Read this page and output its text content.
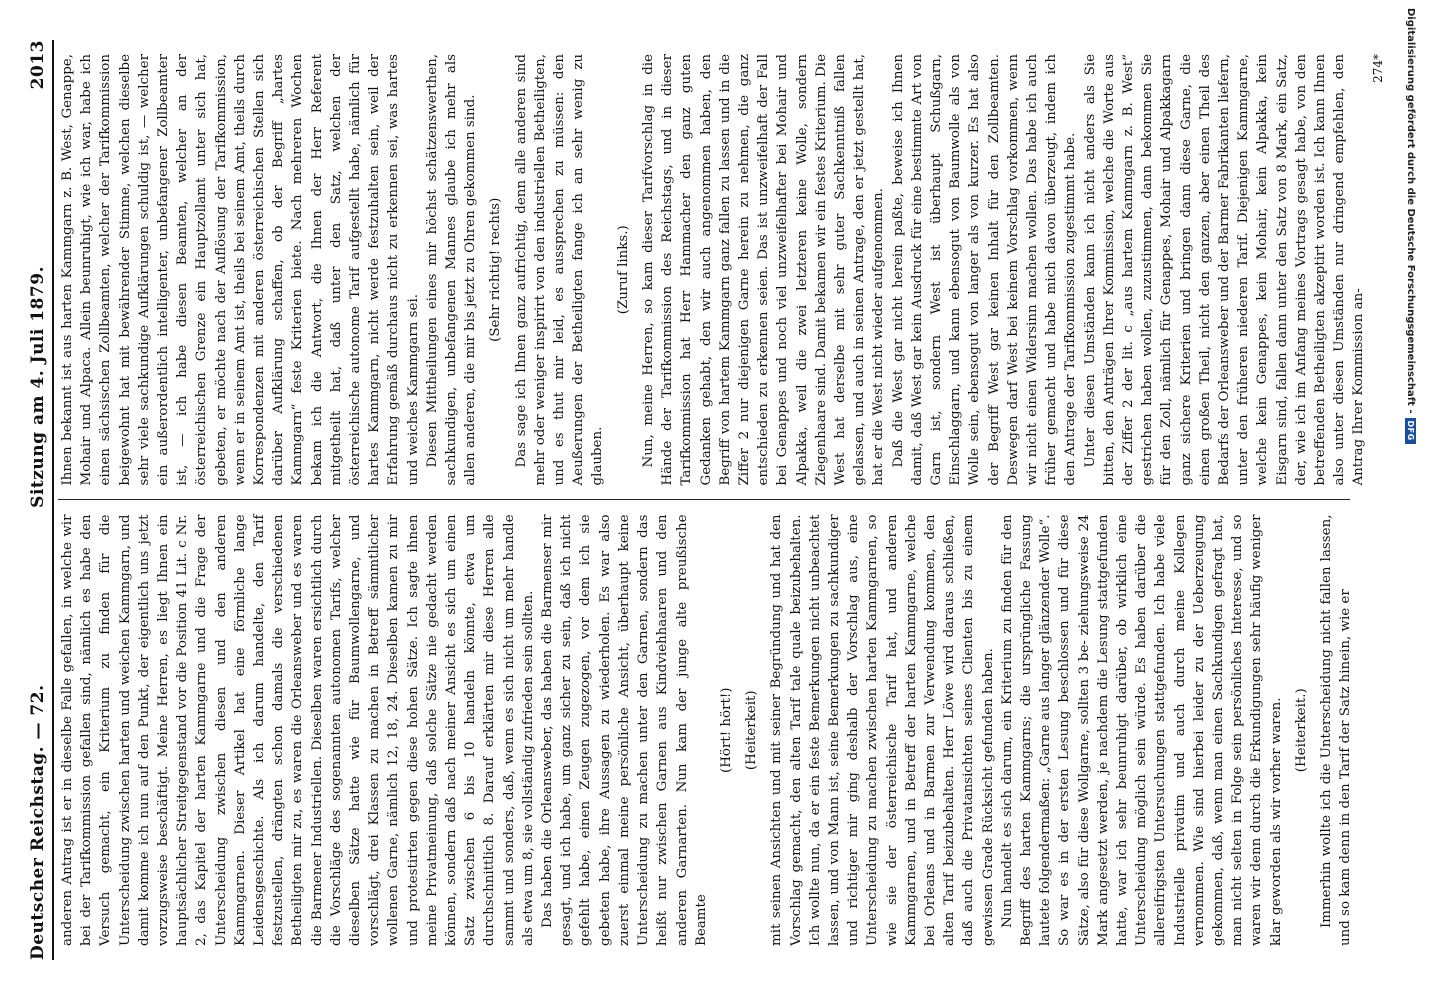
Deutscher Reichstag. — 72.
Sitzung am 4. Juli 1879.
2013

anderen Antrag ist er in dieselbe Falle gefallen, in welche wir bei der Tarifkommission gefallen sind, nämlich es habe den Versuch gemacht, ein Kriterium zu finden für die Unterscheidung zwischen harten und weichen Kammgarn, und damit komme ich nun auf den Punkt, der eigentlich uns jetzt vorzugsweise beschäftigt. Meine Herren, es liegt Ihnen ein hauptsächlicher Streitgegenstand vor die Position 41 Lit. c Nr. 2, das Kapitel der harten Kammgarne und die Frage der Unterscheidung zwischen diesen und den anderen Kammgarnen. Dieser Artikel hat eine förmliche lange Leidensgeschichte. Als ich darum handelte, den Tarif festzustellen, drängten schon damals die verschiedenen Betheiligten mir zu, es waren die Orleansweber und es waren die Barmener Industriellen. Dieselben waren ersichtlich durch die Vorschläge des sogenannten autonomen Tarifs, welcher dieselben Sätze hatte wie für Baumwollengarne, und vorschlägt, drei Klassen zu machen in Betreff sämmtlicher wollenen Garne, nämlich 12, 18, 24. Dieselben kamen zu mir und protestirten gegen diese hohen Sätze. Ich sagte ihnen meine Privatmeinung, daß solche Sätze nie gedacht werden können, sondern daß nach meiner Ansicht es sich um einen Satz zwischen 6 bis 10 handeln könnte, etwa um durchschnittlich 8. Darauf erklärten mir diese Herren alle sammt und sonders, daß, wenn es sich nicht um mehr handle als etwa um 8, sie vollständig zufrieden sein sollten. Das haben die Orleansweber, das haben die Barmenser mir gesagt, und ich habe, um ganz sicher zu sein, daß ich nicht gefehlt habe, einen Zeugen zugezogen, vor dem ich sie gebeten habe, ihre Aussagen zu wiederholen. Es war also zuerst einmal meine persönliche Ansicht, überhaupt keine Unterscheidung zu machen unter den Garnen, sondern das heißt nur zwischen Garnen aus Kindviehhaaren und den anderen Garnarten. Nun kam der junge alte preußische Beamte

(Hört! hört!) (Heiterkeit) mit seinen Ansichten und mit seiner Begründung und hat den Vorschlag gemacht, den alten Tarif tale quale beizubehalten. Ich wollte nun, da er ein feste Bemerkungen nicht unbeachtet lassen, und von Mann ist, seine Bemerkungen zu sachkundiger und richtiger mir ging deshalb der Vorschlag aus, eine Unterscheidung zu machen zwischen harten Kammgarnen, so wie sie der österreichische Tarif hat, und anderen Kammgarnen, und in Betreff der harten Kammgarne, welche bei Orleans und in Barmen zur Verwendung kommen, den alten Tarif beizubehalten. Herr Löwe wird daraus schließen, daß auch die Privatansichten seines Clienten bis zu einem gewissen Grade Rücksicht gefunden haben. Nun handelt es sich darum, ein Kriterium zu finden für den Begriff des harten Kammgarns; die ursprüngliche Fassung lautete folgendermaßen: „Garne aus langer glänzender Wolle“. So war es in der ersten Lesung beschlossen und für diese Sätze, also für diese Wollgarne, sollten 3 be- ziehungsweise 24 Mark angesetzt werden, je nachdem die Lesung stattgefunden hatte, war ich sehr beunruhigt darüber, ob wirklich eine Unterscheidung möglich sein würde. Es haben darüber die allereifrigsten Untersuchungen stattgefunden. Ich habe viele Industrielle privatim und auch durch meine Kollegen vernommen. Wie sind hierbei leider zu der Ueberzeugung gekommen, daß, wenn man einen Sachkundigen gefragt hat, man nicht selten in Folge sein persönliches Interesse, und so waren wir denn durch die Erkundigungen sehr häufig weniger klar geworden als wir vorher waren. (Heiterkeit.) Immerhin wollte ich die Unterscheidung nicht fallen lassen, und so kam denn in den Tarif der Satz hinein, wie er

Ihnen bekannt ist aus harten Kammgarn z. B. West, Genappe, Mohair und Alpaca. Allein beunruhigt, wie ich war, habe ich einen sächsischen Zollbeamten, welcher der Tarifkommission beigewohnt hat mit bewährender Stimme, welchen dieselbe sehr viele sachkundige Aufklärungen schuldig ist, — welcher ein außerordentlich intelligenter, unbefangener Zollbeamter ist, — ich habe diesen Beamten, welcher an der österreichischen Grenze ein Hauptzollamt unter sich hat, gebeten, er möchte nach der Auflösung der Tarifkommission, wenn er in seinem Amt ist, theils bei seinem Amt, theils durch Korrespondenzen mit anderen österreichischen Stellen sich darüber Aufklärung schaffen, ob der Begriff „hartes Kammgarn“ feste Kriterien biete. Nach mehreren Wochen bekam ich die Antwort, die Ihnen der Herr Referent mitgetheilt hat, daß unter den Satz, welchen der österreichische autonome Tarif aufgestellt habe, nämlich für hartes Kammgarn, nicht werde festzuhalten sein, weil der Erfahrung gemäß durchaus nicht zu erkennen sei, was hartes und weiches Kammgarn sei. Diesen Mittheilungen eines mir höchst schätzenswerthen, sachkundigen, unbefangenen Mannes glaube ich mehr als allen anderen, die mir bis jetzt zu Ohren gekommen sind. (Sehr richtig! rechts) Das sage ich Ihnen ganz aufrichtig, denn alle anderen sind mehr oder weniger inspirirt von den industriellen Betheiligten, und es thut mir leid, es aussprechen zu müssen: den Aeußerungen der Betheiligten fange ich an sehr wenig zu glauben.

(Zuruf links.) Nun, meine Herren, so kam dieser Tarifvorschlag in die Hände der Tarifkommission des Reichstags, und in dieser Tarifkommission hat Herr Hammacher den ganz guten Gedanken gehabt, den wir auch angenommen haben, den Begriff von hartem Kammgarn ganz fallen zu lassen und in die Ziffer 2 nur diejenigen Garne herein zu nehmen, die ganz entschieden zu erkennen seien. Das ist unzweifelhaft der Fall bei Genappes und noch viel unzweifelhafter bei Mohair und Alpakka, weil die zwei letzteren keine Wolle, sondern Ziegenhaare sind. Damit bekamen wir ein festes Kriterium. Die West hat derselbe mit sehr guter Sachkenntniß fallen gelassen, und auch in seinen Antrage, den er jetzt gestellt hat, hat er die West nicht wieder aufgenommen. Daß die West gar nicht herein paßte, beweise ich Ihnen damit, daß West gar kein Ausdruck für eine bestimmte Art von Garn ist, sondern West ist überhaupt Schußgarn, Einschlaggarn, und kann ebensogut von Baumwolle als von Wolle sein, ebensogut von langer als von kurzer. Es hat also der Begriff West gar keinen Inhalt für den Zollbeamten. Deswegen darf West bei keinem Vorschlag vorkommen, wenn wir nicht einen Widersinn machen wollen. Das habe ich auch früher gemacht und habe mich davon überzeugt, indem ich den Antrage der Tarifkommission zugestimmt habe. Unter diesen Umständen kann ich nicht anders als Sie bitten, den Anträgen Ihrer Kommission, welche die Worte aus der Ziffer 2 der lit. c „aus hartem Kammgarn z. B. West“ gestrichen haben wollen, zuzustimmen, dann bekommen Sie für den Zoll, nämlich für Genappes, Mohair und Alpakkagarn ganz sichere Kriterien und bringen dann diese Garne, die einen großen Theil, nicht den ganzen, aber einen Theil des Bedarfs der Orleansweber und der Barmer Fabrikanten liefern, unter den früheren niederen Tarif. Diejenigen Kammgarne, welche kein Genappes, kein Mohair, kein Alpakka, kein Eisgarn sind, fallen dann unter den Satz von 8 Mark, ein Satz, der, wie ich im Anfang meines Vortrags gesagt habe, von den betreffenden Betheiligten akzeptirt worden ist. Ich kann Ihnen also unter diesen Umständen nur dringend empfehlen, den Antrag Ihrer Kommission an-

274*	Digitalisierung gefördert durch die Deutsche Forschungsgemeinschaft -
DFG
